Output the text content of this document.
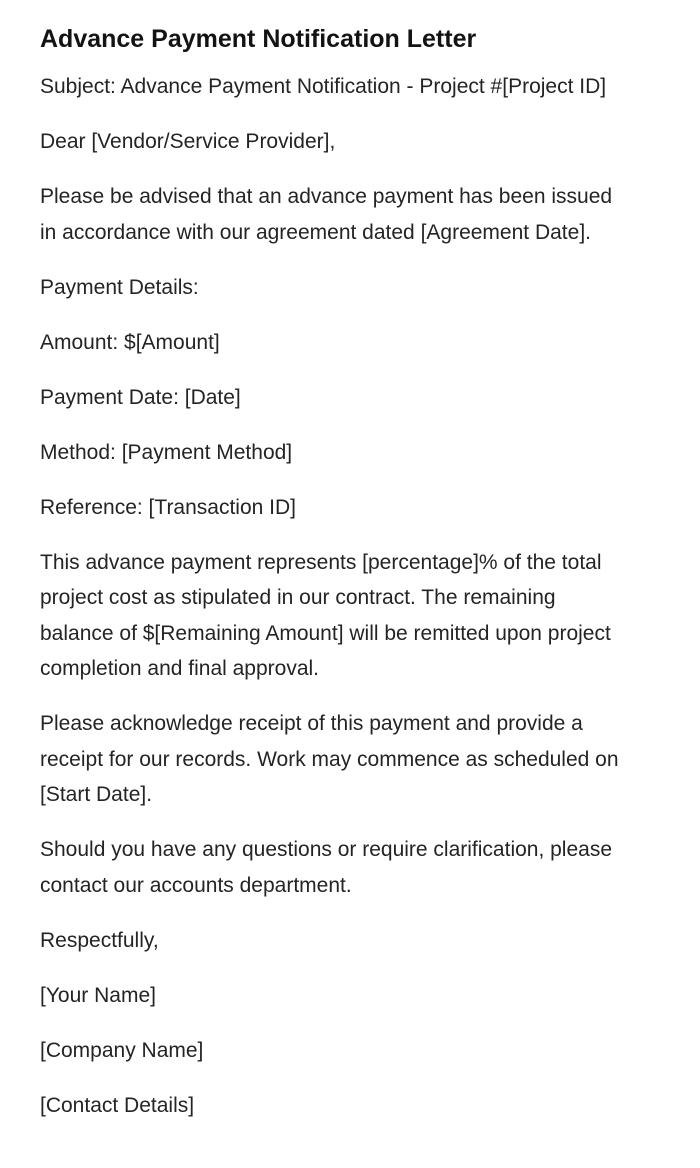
Advance Payment Notification Letter

Subject: Advance Payment Notification - Project #[Project ID]

Dear [Vendor/Service Provider],

Please be advised that an advance payment has been issued in accordance with our agreement dated [Agreement Date].

Payment Details:

Amount: $[Amount]

Payment Date: [Date]

Method: [Payment Method]

Reference: [Transaction ID]

This advance payment represents [percentage]% of the total project cost as stipulated in our contract. The remaining balance of $[Remaining Amount] will be remitted upon project completion and final approval.

Please acknowledge receipt of this payment and provide a receipt for our records. Work may commence as scheduled on [Start Date].

Should you have any questions or require clarification, please contact our accounts department.

Respectfully,

[Your Name]

[Company Name]

[Contact Details]
